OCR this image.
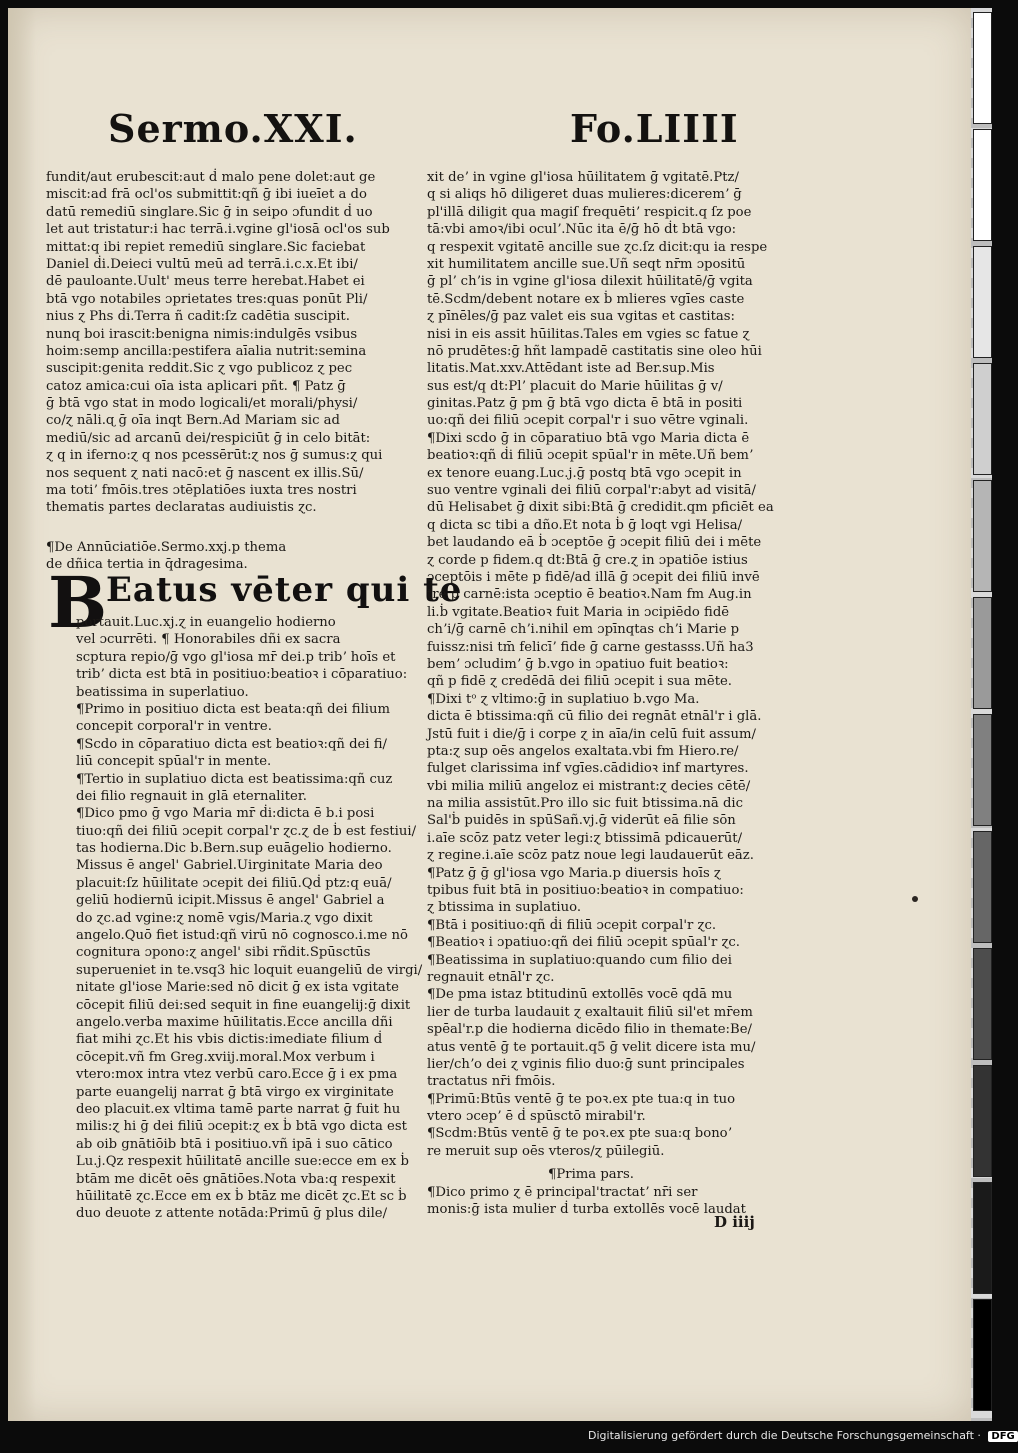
Sermo.XXI.	Fo.LIIII
fundit/aut erubescit:aut ḋ malo pene dolet:aut ge
miscit:ad frā ocl'os submittit:qñ ḡ ibi iueīet a do
datū remediū singlare.Sic ḡ in seipo ɔfundit ḋ uo
let aut tristatur:i hac terrā.i.vgine gl'iosā ocl'os sub
mittat:q ibi repiet remediū singlare.Sic faciebat
Daniel ḋi.Deieci vultū meū ad terrā.i.c.x.Et ibi/
dē pauloante.Uult' meus terre herebat.Habet ei
btā vgo notabiles ɔprietates tres:quas ponūt Pli/
nius ɀ Phs ḋi.Terra ñ cadit:ſz cadētia suscipit.
nunq boi irascit:benigna nimis:indulgēs vsibus
hoim:semp ancilla:pestifera aīalia nutrit:semina
suscipit:genita reddit.Sic ɀ vgo publicoz ɀ pec
catoz amica:cui oīa ista aplicari pñt. ¶ Patz ḡ
ḡ btā vgo stat in modo logicali/et morali/physi/
co/ɀ nāli.ɋ ḡ oīa inqt Bern.Ad Mariam sic ad
mediū/sic ad arcanū dei/respiciūt ḡ in celo bitāt:
ɀ q in iferno:ɀ q nos pcessērūt:ɀ nos ḡ sumus:ɀ qui
nos sequent ɀ nati nacō:et ḡ nascent ex illis.Sū/
ma totiʼ fmōis.tres ɔtēplatiōes iuxta tres nostri
thematis partes declaratas audiuistis ɀc.
¶De Annūciatiōe.Sermo.xxj.p thema
de dñica tertia in q̄dragesima.
B
Eatus vēter qui te
portauit.Luc.xj.ɀ in euangelio hodierno
vel ɔcurrēti. ¶ Honorabiles dñi ex sacra
scptura repio/ḡ vgo gl'iosa mr̄ dei.p tribʼ hoīs et
tribʼ dicta est btā in positiuo:beatioꝛ i cōparatiuo:
beatissima in superlatiuo.
¶Primo in positiuo dicta est beata:qñ dei filium
concepit corporal'r in ventre.
¶Scdo in cōparatiuo dicta est beatioꝛ:qñ dei fi/
liū concepit spūal'r in mente.
¶Tertio in suplatiuo dicta est beatissima:qñ cuz
dei filio regnauit in glā eternaliter.
¶Dico pmo ḡ vgo Maria mr̄ ḋi:dicta ē b.i posi
tiuo:qñ dei filiū ɔcepit corpal'r ɀc.ɀ de ḃ est festiui/
tas hodierna.Dic b.Bern.sup euāgelio hodierno.
Missus ē angel' Gabriel.Uirginitate Maria deo
placuit:ſz hūilitate ɔcepit dei filiū.Qḋ ptz:q euā/
geliū hodiernū icipit.Missus ē angel' Gabriel a
do ɀc.ad vgine:ɀ nomē vgis/Maria.ɀ vgo dixit
angelo.Quō fiet istud:qñ virū nō cognosco.i.me nō
cognitura ɔpono:ɀ angel' sibi rñdit.Spūsctūs
superueniet in te.vsq3 hic loquit euangeliū de virgi/
nitate gl'iose Marie:sed nō dicit ḡ ex ista vgitate
cōcepit filiū dei:sed sequit in fine euangelij:ḡ dixit
angelo.verba maxime hūilitatis.Ecce ancilla dñi
fiat mihi ɀc.Et his vbis dictis:imediate filium ḋ
cōcepit.vñ fm Greg.xviij.moral.Mox verbum i
vtero:mox intra vtez verbū caro.Ecce ḡ i ex pma
parte euangelij narrat ḡ btā virgo ex virginitate
deo placuit.ex vltima tamē parte narrat ḡ fuit hu
milis:ɀ hi ḡ dei filiū ɔcepit:ɀ ex ḃ btā vgo dicta est
ab oib gnātiōib btā i positiuo.vñ ipā i suo cātico
Lu.j.Qz respexit hūilitatē ancille sue:ecce em ex ḃ
btām me dicēt oēs gnātiōes.Nota vba:q respexit
hūilitatē ɀc.Ecce em ex ḃ btāz me dicēt ɀc.Et sc ḃ
duo deuote z attente notāda:Primū ḡ plus dile/
xit deʼ in vgine gl'iosa hūilitatem ḡ vgitatē.Ptz/
q si aliqs hō diligeret duas mulieres:diceremʼ ḡ
pl'illā diligit qua magiſ frequētiʼ respicit.q ſz poe
tā:vbi amoꝛ/ibi oculʼ.Nūc ita ē/ḡ hō ḋt btā vgo:
q respexit vgitatē ancille sue ɀc.ſz dicit:qu ia respe
xit humilitatem ancille sue.Uñ seqt nr̄m ɔpositū
ḡ plʼ chʼis in vgine gl'iosa dilexit hūilitatē/ḡ vgita
tē.Scdm/debent notare ex ḃ mlieres vgīes caste
ɀ pīnēles/ḡ paz valet eis sua vgitas et castitas:
nisi in eis assit hūilitas.Tales em vgies sc fatue ɀ
nō prudētes:ḡ hñt lampadē castitatis sine oleo hūi
litatis.Mat.xxv.Attēdant iste ad Ber.sup.Mis
sus est/q dt:Plʼ placuit do Marie hūilitas ḡ v/
ginitas.Patz ḡ pm ḡ btā vgo dicta ē btā in positi
uo:qñ dei filiū ɔcepit corpal'r i suo vētre vginali.
¶Dixi scdo ḡ in cōparatiuo btā vgo Maria dicta ē
beatioꝛ:qñ ḋi filiū ɔcepit spūal'r in mēte.Uñ bemʼ
ex tenore euang.Luc.j.ḡ postq btā vgo ɔcepit in
suo ventre vginali dei filiū corpal'r:abyt ad visitā/
dū Helisabet ḡ dixit sibi:Btā ḡ credidit.qm pficiēt ea
q dicta sc tibi a dño.Et nota ḃ ḡ loqt vgi Helisa/
bet laudando eā ḃ ɔceptōe ḡ ɔcepit filiū dei i mēte
ɀ corde p fidem.q dt:Btā ḡ cre.ɀ in ɔpatiōe istius
ɔceptōis i mēte p fidē/ad illā ḡ ɔcepit dei filiū invē
tre p carnē:ista ɔceptio ē beatioꝛ.Nam fm Aug.in
li.ḃ vgitate.Beatioꝛ fuit Maria in ɔcipiēdo fidē
chʼi/ḡ carnē chʼi.nihil em ɔpīnqtas chʼi Marie p
fuissz:nisi tm̄ felicīʼ fide ḡ carne gestasss.Uñ ha3
bemʼ ɔcludimʼ ḡ b.vgo in ɔpatiuo fuit beatioꝛ:
qñ p fidē ɀ credēdā dei filiū ɔcepit i sua mēte.
¶Dixi tᵒ ɀ vltimo:ḡ in suplatiuo b.vgo Ma.
dicta ē btissima:qñ cū filio dei regnāt etnāl'r i glā.
Jstū fuit i die/ḡ i corpe ɀ in aīa/in celū fuit assum/
pta:ɀ sup oēs angelos exaltata.vbi fm Hiero.re/
fulget clarissima inf vgīes.cādidioꝛ inf martyres.
vbi milia miliū angeloz ei mistrant:ɀ decies cētē/
na milia assistūt.Pro illo sic fuit btissima.nā dic
Sal'ḃ puidēs in spūSañ.vj.ḡ viderūt eā filie sōn
i.aīe scōz patz veter legi:ɀ btissimā pdicauerūt/
ɀ regine.i.aīe scōz patz noue legi laudauerūt eāz.
¶Patz ḡ ḡ gl'iosa vgo Maria.p diuersis hoīs ɀ
tpibus fuit btā in positiuo:beatioꝛ in compatiuo:
ɀ btissima in suplatiuo.
¶Btā i positiuo:qñ ḋi filiū ɔcepit corpal'r ɀc.
¶Beatioꝛ i ɔpatiuo:qñ dei filiū ɔcepit spūal'r ɀc.
¶Beatissima in suplatiuo:quando cum filio dei
regnauit etnāl'r ɀc.
¶De pma istaz btitudinū extollēs vocē qdā mu
lier de turba laudauit ɀ exaltauit filiū sil'et mr̄em
spēal'r.p die hodierna dicēdo filio in themate:Be/
atus ventē ḡ te portauit.q5 ḡ velit dicere ista mu/
lier/chʼo dei ɀ vginis filio duo:ḡ sunt principales
tractatus nr̄i fmōis.
¶Primū:Btūs ventē ḡ te poꝛ.ex pte tua:q in tuo
vtero ɔcepʼ ē ḋ spūsctō mirabil'r.
¶Scdm:Btūs ventē ḡ te poꝛ.ex pte sua:q bonoʼ
re meruit sup oēs vteros/ɀ pūilegiū.
¶Prima pars.
¶Dico primo ɀ ē principal'tractatʼ nr̄i ser
monis:ḡ ista mulier ḋ turba extollēs vocē laudat
D iiij
Digitalisierung gefördert durch die Deutsche Forschungsgemeinschaft · DFG
